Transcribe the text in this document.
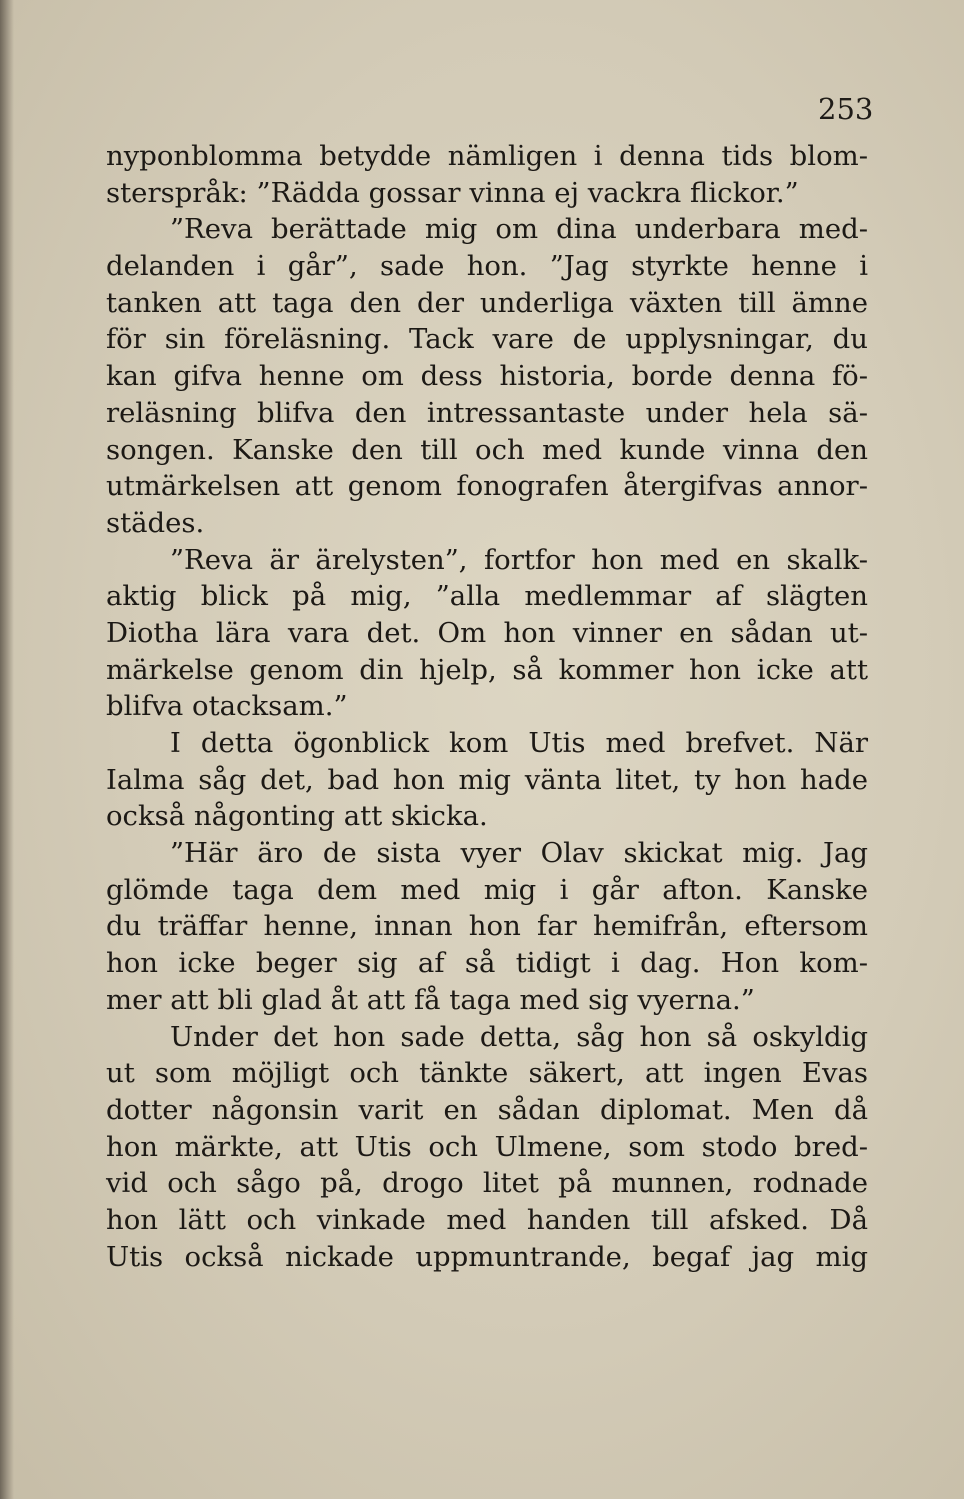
253
nyponblomma betydde nämligen i denna tids blom-
sterspråk: ”Rädda gossar vinna ej vackra flickor.”
”Reva berättade mig om dina underbara med-
delanden i går”, sade hon. ”Jag styrkte henne i
tanken att taga den der underliga växten till ämne
för sin föreläsning. Tack vare de upplysningar, du
kan gifva henne om dess historia, borde denna fö-
reläsning blifva den intressantaste under hela sä-
songen. Kanske den till och med kunde vinna den
utmärkelsen att genom fonografen återgifvas annor-
städes.
”Reva är ärelysten”, fortfor hon med en skalk-
aktig blick på mig, ”alla medlemmar af slägten
Diotha lära vara det. Om hon vinner en sådan ut-
märkelse genom din hjelp, så kommer hon icke att
blifva otacksam.”
I detta ögonblick kom Utis med brefvet. När
Ialma såg det, bad hon mig vänta litet, ty hon hade
också någonting att skicka.
”Här äro de sista vyer Olav skickat mig. Jag
glömde taga dem med mig i går afton. Kanske
du träffar henne, innan hon far hemifrån, eftersom
hon icke beger sig af så tidigt i dag. Hon kom-
mer att bli glad åt att få taga med sig vyerna.”
Under det hon sade detta, såg hon så oskyldig
ut som möjligt och tänkte säkert, att ingen Evas
dotter någonsin varit en sådan diplomat. Men då
hon märkte, att Utis och Ulmene, som stodo bred-
vid och sågo på, drogo litet på munnen, rodnade
hon lätt och vinkade med handen till afsked. Då
Utis också nickade uppmuntrande, begaf jag mig
